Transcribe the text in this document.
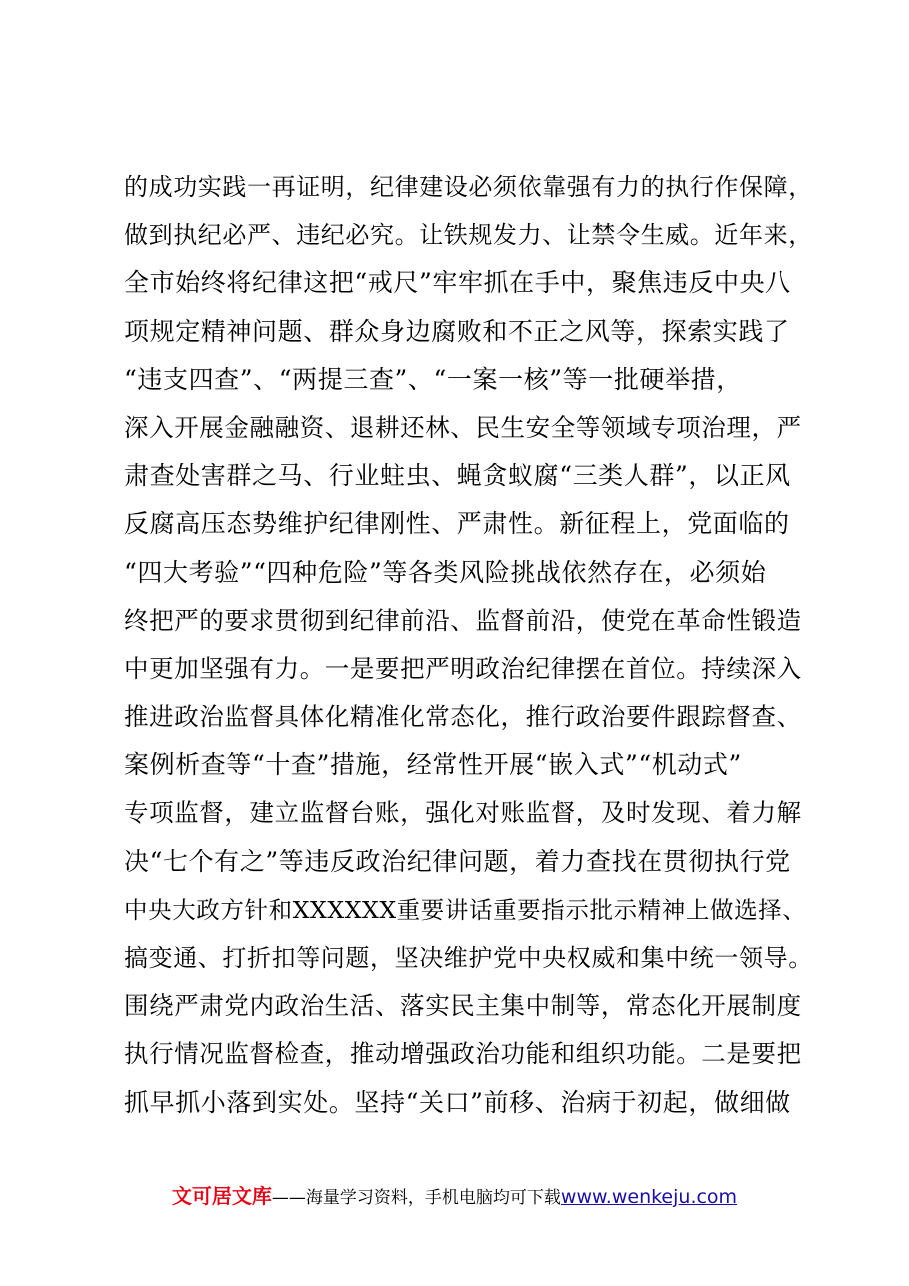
的成功实践一再证明，纪律建设必须依靠强有力的执行作保障，
做到执纪必严、违纪必究。让铁规发力、让禁令生威。近年来，
全市始终将纪律这把“戒尺”牢牢抓在手中，聚焦违反中央八
项规定精神问题、群众身边腐败和不正之风等，探索实践了
“违支四查”、“两提三查”、“一案一核”等一批硬举措，
深入开展金融融资、退耕还林、民生安全等领域专项治理，严
肃查处害群之马、行业蛀虫、蝇贪蚁腐“三类人群”，以正风
反腐高压态势维护纪律刚性、严肃性。新征程上，党面临的
“四大考验”“四种危险”等各类风险挑战依然存在，必须始
终把严的要求贯彻到纪律前沿、监督前沿，使党在革命性锻造
中更加坚强有力。一是要把严明政治纪律摆在首位。持续深入
推进政治监督具体化精准化常态化，推行政治要件跟踪督查、
案例析查等“十查”措施，经常性开展“嵌入式”“机动式”
专项监督，建立监督台账，强化对账监督，及时发现、着力解
决“七个有之”等违反政治纪律问题，着力查找在贯彻执行党
中央大政方针和XXXXXX重要讲话重要指示批示精神上做选择、
搞变通、打折扣等问题，坚决维护党中央权威和集中统一领导。
围绕严肃党内政治生活、落实民主集中制等，常态化开展制度
执行情况监督检查，推动增强政治功能和组织功能。二是要把
抓早抓小落到实处。坚持“关口”前移、治病于初起，做细做
文可居文库——海量学习资料，手机电脑均可下载www.wenkeju.com
